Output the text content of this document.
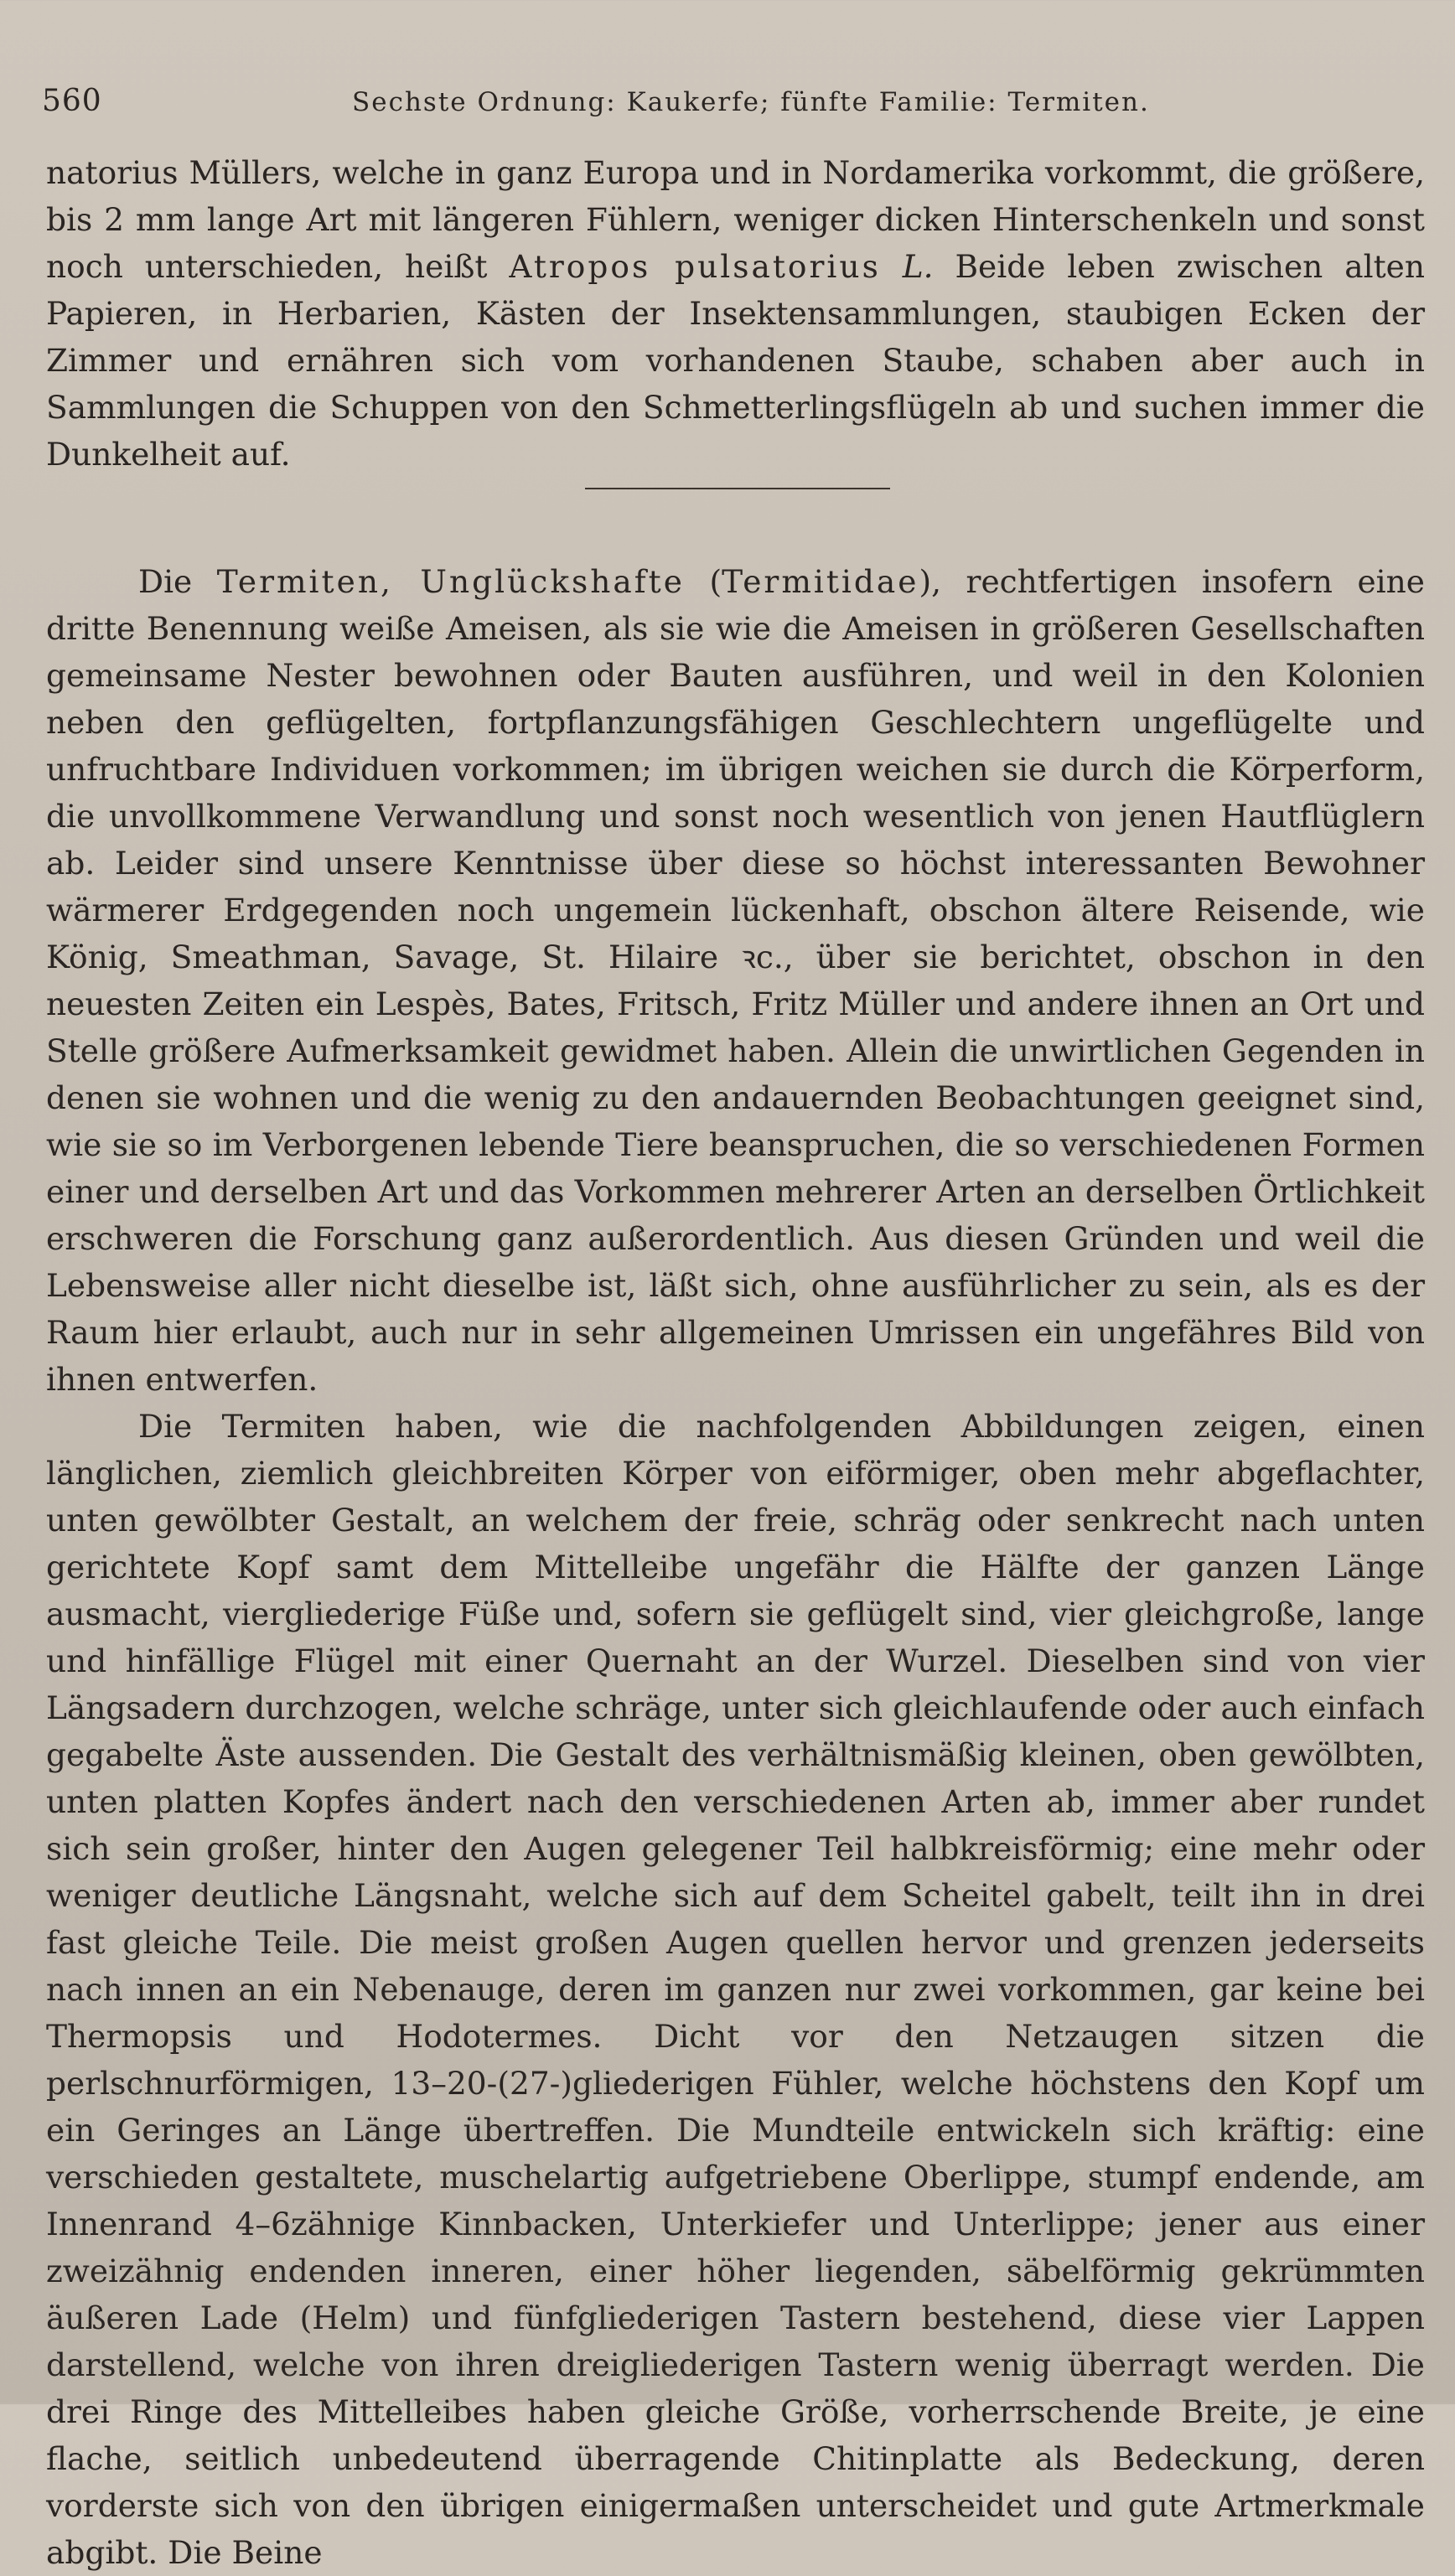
560	Sechste Ordnung: Kaukerfe; fünfte Familie: Termiten.

natorius Müllers, welche in ganz Europa und in Nordamerika vorkommt, die größere, bis 2 mm lange Art mit längeren Fühlern, weniger dicken Hinterschenkeln und sonst noch unterschieden, heißt Atropos pulsatorius L. Beide leben zwischen alten Papieren, in Herbarien, Kästen der Insektensammlungen, staubigen Ecken der Zimmer und ernähren sich vom vorhandenen Staube, schaben aber auch in Sammlungen die Schuppen von den Schmetterlingsflügeln ab und suchen immer die Dunkelheit auf.

Die Termiten, Unglückshafte (Termitidae), rechtfertigen insofern eine dritte Benennung weiße Ameisen, als sie wie die Ameisen in größeren Gesellschaften gemeinsame Nester bewohnen oder Bauten ausführen, und weil in den Kolonien neben den geflügelten, fortpflanzungsfähigen Geschlechtern ungeflügelte und unfruchtbare Individuen vorkommen; im übrigen weichen sie durch die Körperform, die unvollkommene Verwandlung und sonst noch wesentlich von jenen Hautflüglern ab. Leider sind unsere Kenntnisse über diese so höchst interessanten Bewohner wärmerer Erdgegenden noch ungemein lückenhaft, obschon ältere Reisende, wie König, Smeathman, Savage, St. Hilaire ꝛc., über sie berichtet, obschon in den neuesten Zeiten ein Lespès, Bates, Fritsch, Fritz Müller und andere ihnen an Ort und Stelle größere Aufmerksamkeit gewidmet haben. Allein die unwirtlichen Gegenden in denen sie wohnen und die wenig zu den andauernden Beobachtungen geeignet sind, wie sie so im Verborgenen lebende Tiere beanspruchen, die so verschiedenen Formen einer und derselben Art und das Vorkommen mehrerer Arten an derselben Örtlichkeit erschweren die Forschung ganz außerordentlich. Aus diesen Gründen und weil die Lebensweise aller nicht dieselbe ist, läßt sich, ohne ausführlicher zu sein, als es der Raum hier erlaubt, auch nur in sehr allgemeinen Umrissen ein ungefähres Bild von ihnen entwerfen.

Die Termiten haben, wie die nachfolgenden Abbildungen zeigen, einen länglichen, ziemlich gleichbreiten Körper von eiförmiger, oben mehr abgeflachter, unten gewölbter Gestalt, an welchem der freie, schräg oder senkrecht nach unten gerichtete Kopf samt dem Mittelleibe ungefähr die Hälfte der ganzen Länge ausmacht, viergliederige Füße und, sofern sie geflügelt sind, vier gleichgroße, lange und hinfällige Flügel mit einer Quernaht an der Wurzel. Dieselben sind von vier Längsadern durchzogen, welche schräge, unter sich gleichlaufende oder auch einfach gegabelte Äste aussenden. Die Gestalt des verhältnismäßig kleinen, oben gewölbten, unten platten Kopfes ändert nach den verschiedenen Arten ab, immer aber rundet sich sein großer, hinter den Augen gelegener Teil halbkreisförmig; eine mehr oder weniger deutliche Längsnaht, welche sich auf dem Scheitel gabelt, teilt ihn in drei fast gleiche Teile. Die meist großen Augen quellen hervor und grenzen jederseits nach innen an ein Nebenauge, deren im ganzen nur zwei vorkommen, gar keine bei Thermopsis und Hodotermes. Dicht vor den Netzaugen sitzen die perlschnurförmigen, 13–20-(27-)gliederigen Fühler, welche höchstens den Kopf um ein Geringes an Länge übertreffen. Die Mundteile entwickeln sich kräftig: eine verschieden gestaltete, muschelartig aufgetriebene Oberlippe, stumpf endende, am Innenrand 4–6zähnige Kinnbacken, Unterkiefer und Unterlippe; jener aus einer zweizähnig endenden inneren, einer höher liegenden, säbelförmig gekrümmten äußeren Lade (Helm) und fünfgliederigen Tastern bestehend, diese vier Lappen darstellend, welche von ihren dreigliederigen Tastern wenig überragt werden. Die drei Ringe des Mittelleibes haben gleiche Größe, vorherrschende Breite, je eine flache, seitlich unbedeutend überragende Chitinplatte als Bedeckung, deren vorderste sich von den übrigen einigermaßen unterscheidet und gute Artmerkmale abgibt. Die Beine
